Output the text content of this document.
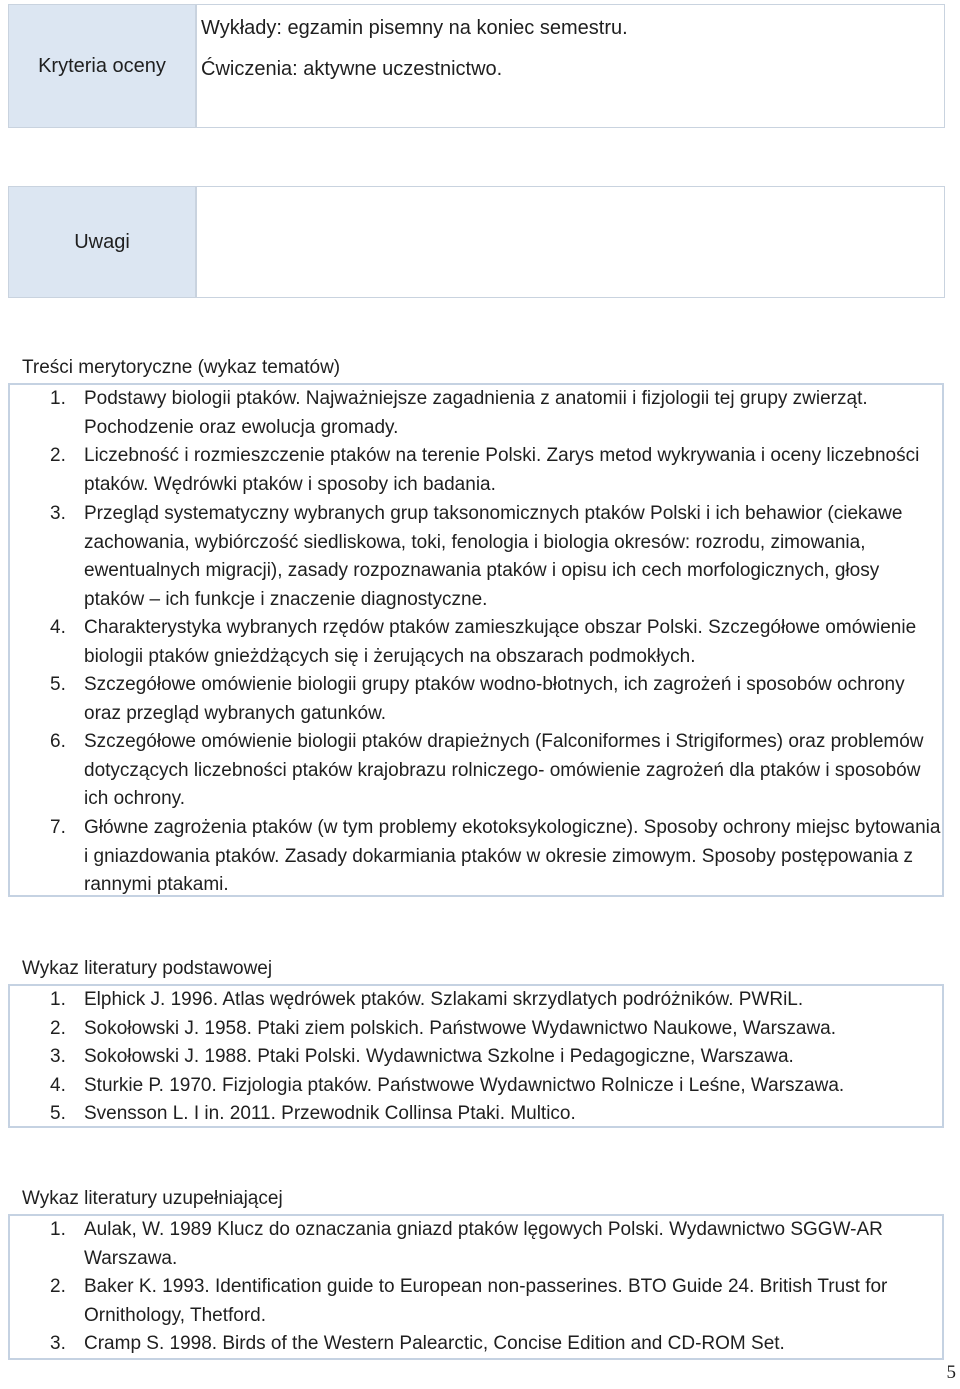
Kryteria oceny
Wykłady: egzamin pisemny na koniec semestru.
Ćwiczenia: aktywne uczestnictwo.
Uwagi
Treści merytoryczne (wykaz tematów)
1. Podstawy biologii ptaków. Najważniejsze zagadnienia z anatomii i fizjologii tej grupy zwierząt. Pochodzenie oraz ewolucja gromady.
2. Liczebność i rozmieszczenie ptaków na terenie Polski. Zarys metod wykrywania i oceny liczebności ptaków. Wędrówki ptaków i sposoby ich badania.
3. Przegląd systematyczny wybranych grup taksonomicznych ptaków Polski i ich behawior (ciekawe zachowania, wybiórczość siedliskowa, toki, fenologia i biologia okresów: rozrodu, zimowania, ewentualnych migracji), zasady rozpoznawania ptaków i opisu ich cech morfologicznych, głosy ptaków – ich funkcje i znaczenie diagnostyczne.
4. Charakterystyka wybranych rzędów ptaków zamieszkujące obszar Polski. Szczegółowe omówienie biologii ptaków gnieżdżących się i żerujących na obszarach podmokłych.
5. Szczegółowe omówienie biologii grupy ptaków wodno-błotnych, ich zagrożeń i sposobów ochrony oraz przegląd wybranych gatunków.
6. Szczegółowe omówienie biologii ptaków drapieżnych (Falconiformes i Strigiformes) oraz problemów dotyczących liczebności ptaków krajobrazu rolniczego- omówienie zagrożeń dla ptaków i sposobów ich ochrony.
7. Główne zagrożenia ptaków (w tym problemy ekotoksykologiczne). Sposoby ochrony miejsc bytowania i gniazdowania ptaków. Zasady dokarmiania ptaków w okresie zimowym. Sposoby postępowania z rannymi ptakami.
Wykaz literatury podstawowej
1. Elphick J. 1996. Atlas wędrówek ptaków. Szlakami skrzydlatych podróżników. PWRiL.
2. Sokołowski J. 1958. Ptaki ziem polskich. Państwowe Wydawnictwo Naukowe, Warszawa.
3. Sokołowski J. 1988. Ptaki Polski. Wydawnictwa Szkolne i Pedagogiczne, Warszawa.
4. Sturkie P. 1970. Fizjologia ptaków. Państwowe Wydawnictwo Rolnicze i Leśne, Warszawa.
5. Svensson L. I in. 2011. Przewodnik Collinsa Ptaki. Multico.
Wykaz literatury uzupełniającej
1. Aulak, W. 1989 Klucz do oznaczania gniazd ptaków lęgowych Polski. Wydawnictwo SGGW-AR Warszawa.
2. Baker K. 1993. Identification guide to European non-passerines. BTO Guide 24. British Trust for Ornithology, Thetford.
3. Cramp S. 1998. Birds of the Western Palearctic, Concise Edition and CD-ROM Set.
5
